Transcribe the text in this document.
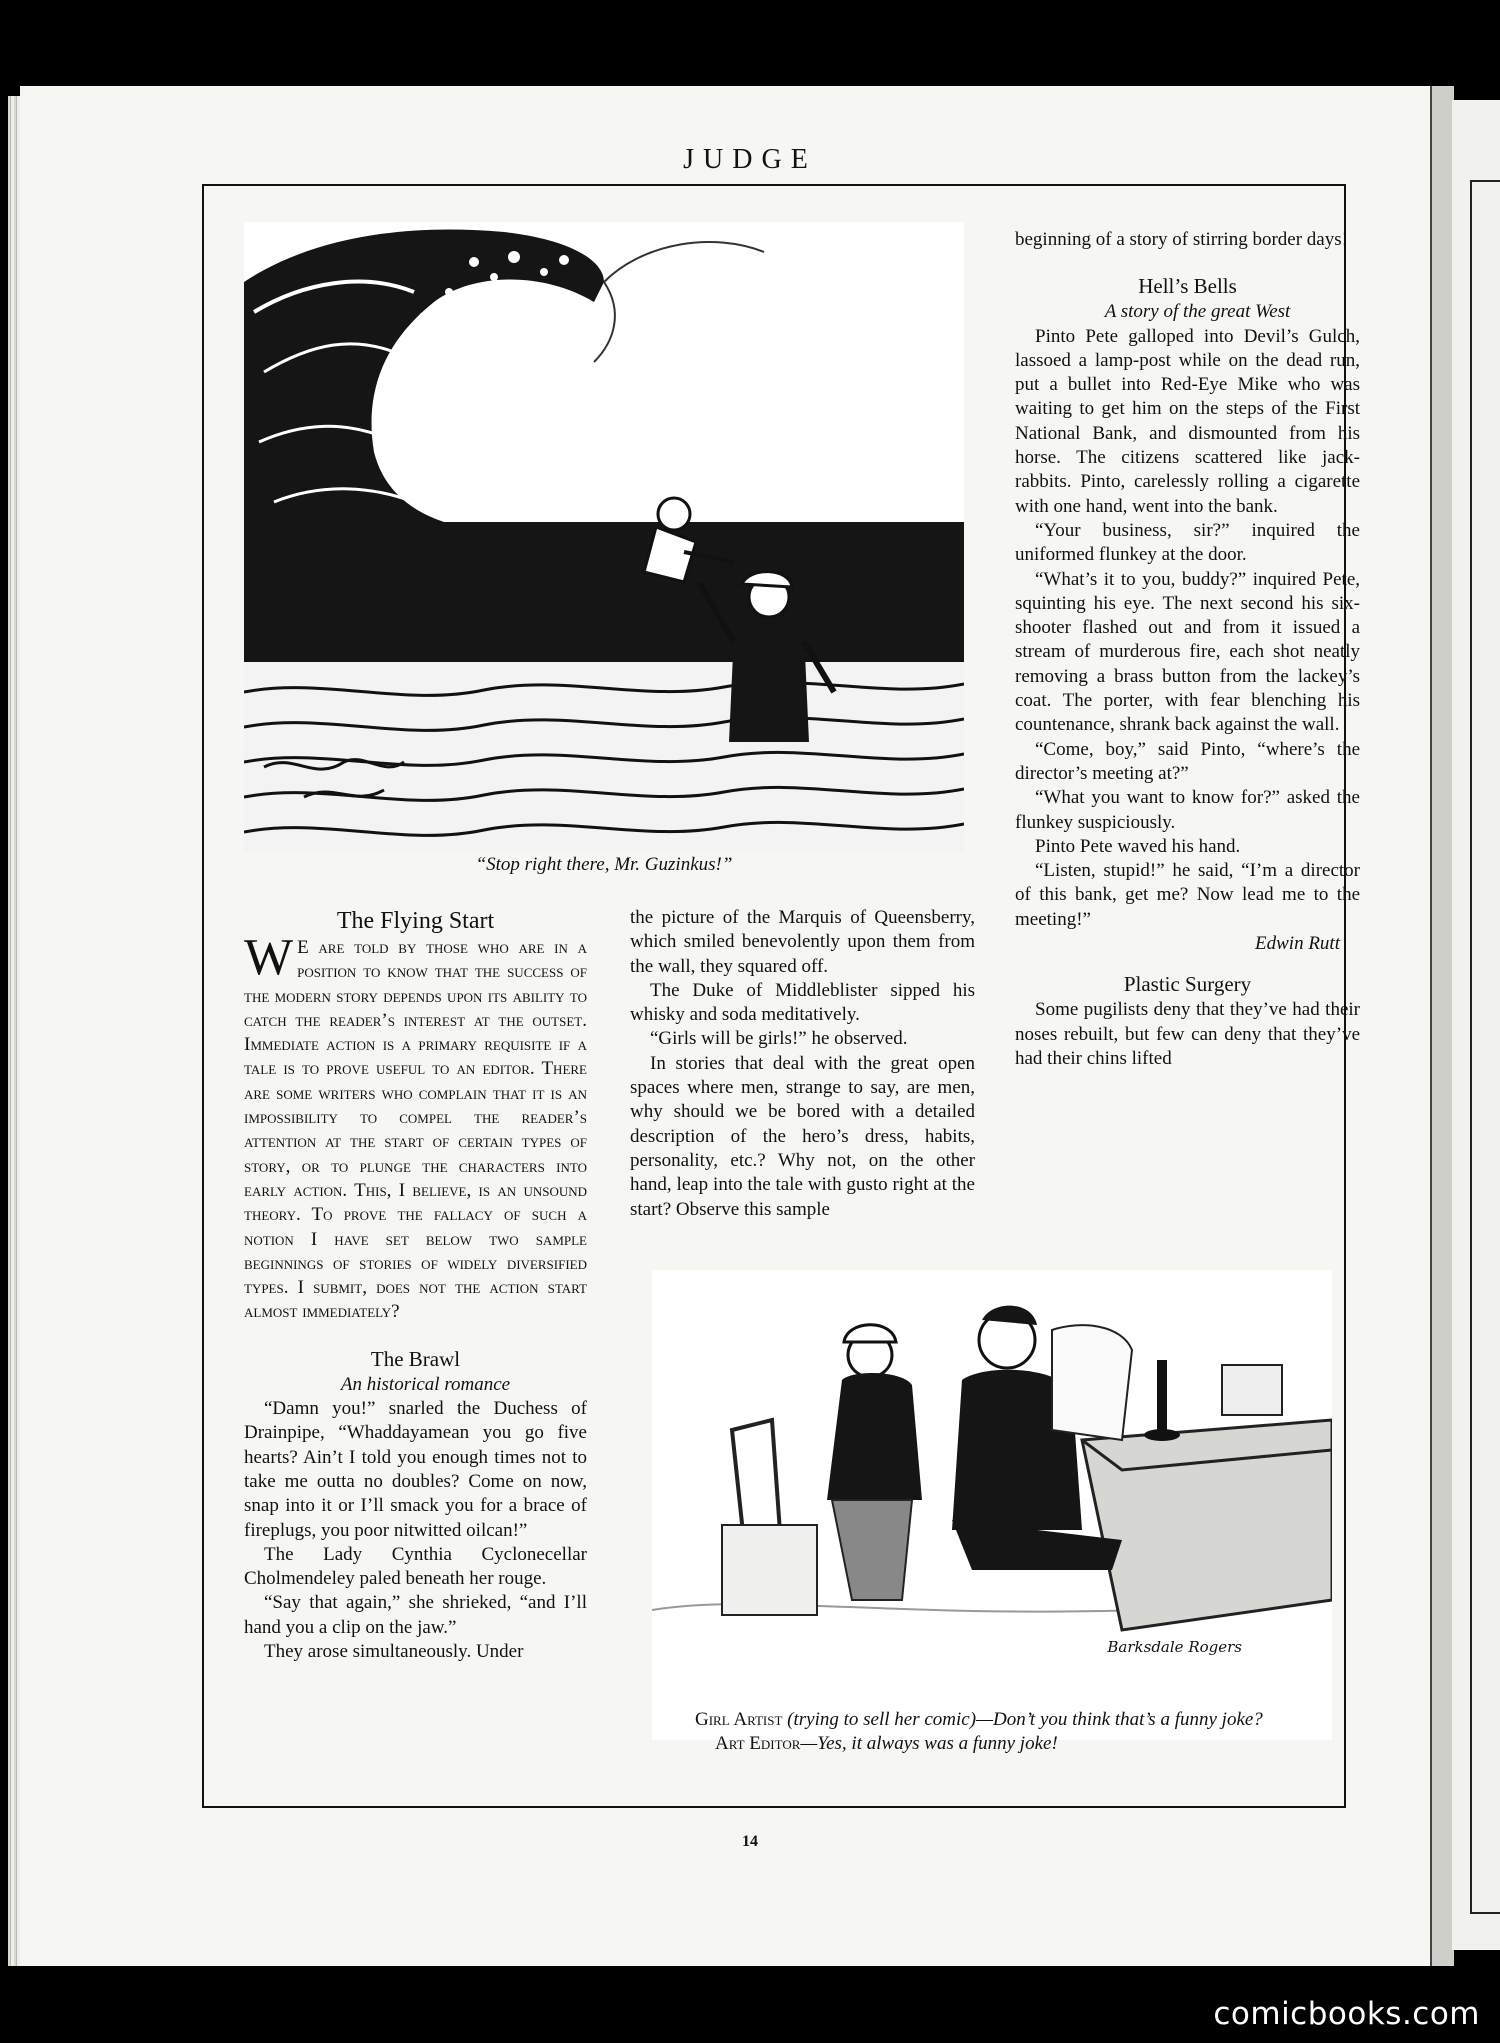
JUDGE
“Stop right there, Mr. Guzinkus!”
The Flying Start

W E are told by those who are in a position to know that the success of the modern story depends upon its ability to catch the reader’s interest at the outset. Immediate action is a primary requisite if a tale is to prove useful to an editor. There are some writers who complain that it is an impossibility to compel the reader’s attention at the start of certain types of story, or to plunge the characters into early action. This, I believe, is an unsound theory. To prove the fallacy of such a notion I have set below two sample beginnings of stories of widely diversified types. I submit, does not the action start almost immediately?

The Brawl

An historical romance

“Damn you!” snarled the Duchess of Drainpipe, “Whaddayamean you go five hearts? Ain’t I told you enough times not to take me outta no doubles? Come on now, snap into it or I’ll smack you for a brace of fireplugs, you poor nitwitted oilcan!”

The Lady Cynthia Cyclonecellar Cholmendeley paled beneath her rouge.

“Say that again,” she shrieked, “and I’ll hand you a clip on the jaw.”

They arose simultaneously. Under

the picture of the Marquis of Queensberry, which smiled benevolently upon them from the wall, they squared off.

The Duke of Middleblister sipped his whisky and soda meditatively.

“Girls will be girls!” he observed.

In stories that deal with the great open spaces where men, strange to say, are men, why should we be bored with a detailed description of the hero’s dress, habits, personality, etc.? Why not, on the other hand, leap into the tale with gusto right at the start? Observe this sample

beginning of a story of stirring border days!

Hell’s Bells

A story of the great West

Pinto Pete galloped into Devil’s Gulch, lassoed a lamp-post while on the dead run, put a bullet into Red-Eye Mike who was waiting to get him on the steps of the First National Bank, and dismounted from his horse. The citizens scattered like jack-rabbits. Pinto, carelessly rolling a cigarette with one hand, went into the bank.

“Your business, sir?” inquired the uniformed flunkey at the door.

“What’s it to you, buddy?” inquired Pete, squinting his eye. The next second his six-shooter flashed out and from it issued a stream of murderous fire, each shot neatly removing a brass button from the lackey’s coat. The porter, with fear blenching his countenance, shrank back against the wall.

“Come, boy,” said Pinto, “where’s the director’s meeting at?”

“What you want to know for?” asked the flunkey suspiciously.

Pinto Pete waved his hand.

“Listen, stupid!” he said, “I’m a director of this bank, get me? Now lead me to the meeting!”

Edwin Rutt

Plastic Surgery

Some pugilists deny that they’ve had their noses rebuilt, but few can deny that they’ve had their chins lifted

Barksdale Rogers

Girl Artist (trying to sell her comic)—Don’t you think that’s a funny joke?

Art Editor—Yes, it always was a funny joke!

14
comicbooks.com
